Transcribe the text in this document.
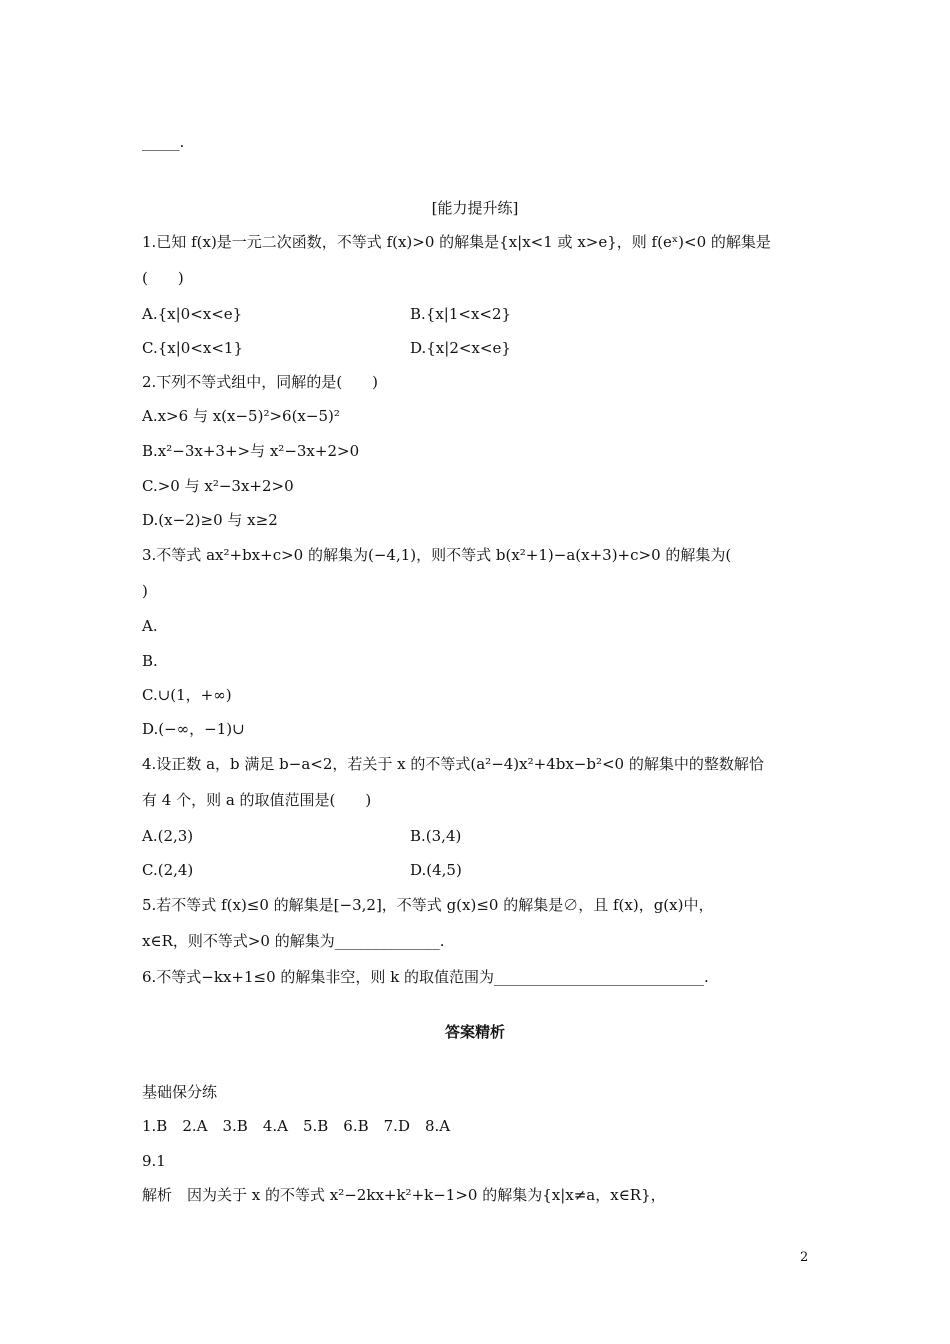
_____.
[能力提升练]
1.已知 f(x)是一元二次函数，不等式 f(x)>0 的解集是{x|x<1 或 x>e}，则 f(eˣ)<0 的解集是
(　　)
A.{x|0<x<e}	B.{x|1<x<2}
C.{x|0<x<1}	D.{x|2<x<e}
2.下列不等式组中，同解的是(　　)
A.x>6 与 x(x−5)²>6(x−5)²
B.x²−3x+3+>与 x²−3x+2>0
C.>0 与 x²−3x+2>0
D.(x−2)≥0 与 x≥2
3.不等式 ax²+bx+c>0 的解集为(−4,1)，则不等式 b(x²+1)−a(x+3)+c>0 的解集为(
)
A.
B.
C.∪(1，+∞)
D.(−∞，−1)∪
4.设正数 a，b 满足 b−a<2，若关于 x 的不等式(a²−4)x²+4bx−b²<0 的解集中的整数解恰
有 4 个，则 a 的取值范围是(　　)
A.(2,3)	B.(3,4)
C.(2,4)	D.(4,5)
5.若不等式 f(x)≤0 的解集是[−3,2]，不等式 g(x)≤0 的解集是∅，且 f(x)，g(x)中，
x∈R，则不等式>0 的解集为______________.
6.不等式−kx+1≤0 的解集非空，则 k 的取值范围为____________________________.
答案精析
基础保分练
1.B　2.A　3.B　4.A　5.B　6.B　7.D　8.A
9.1
解析　因为关于 x 的不等式 x²−2kx+k²+k−1>0 的解集为{x|x≠a，x∈R}，
2
